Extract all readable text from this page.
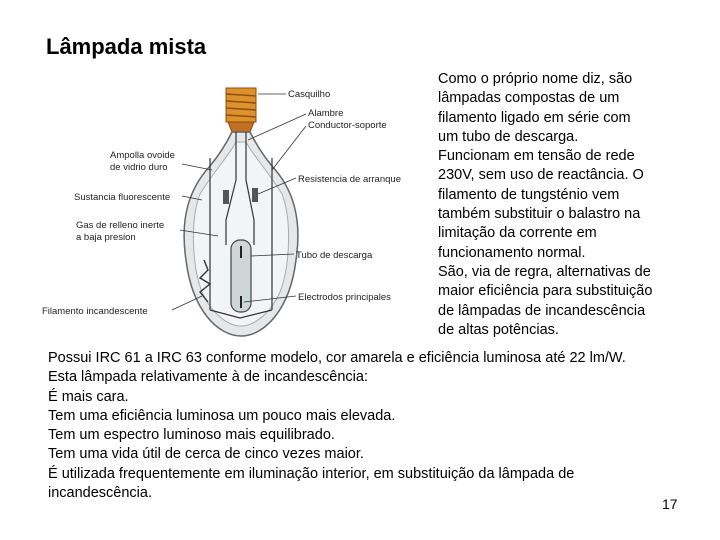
Lâmpada mista
Casquilho
Alambre
Conductor-soporte
Ampolla ovoide
de vidrio duro
Resistencia de arranque
Sustancia fluorescente
Gas de relleno inerte
a baja presion
Tubo de descarga
Electrodos principales
Filamento incandescente
Como o próprio nome diz, são
lâmpadas compostas de um
filamento ligado em série com
um tubo de descarga.
Funcionam em tensão de rede
230V, sem uso de reactância. O
filamento de tungsténio vem
também substituir o balastro na
limitação da corrente em
funcionamento normal.
São, via de regra, alternativas de
maior eficiência para substituição
de lâmpadas de incandescência
de altas potências.
Possui IRC 61 a IRC 63 conforme modelo, cor amarela e eficiência luminosa até 22 lm/W.
Esta lâmpada relativamente à de incandescência:
É mais cara.
Tem uma eficiência luminosa um pouco mais elevada.
Tem um espectro luminoso mais equilibrado.
Tem uma vida útil de cerca de cinco vezes maior.
É utilizada frequentemente em iluminação interior, em substituição da lâmpada de
incandescência.
17
